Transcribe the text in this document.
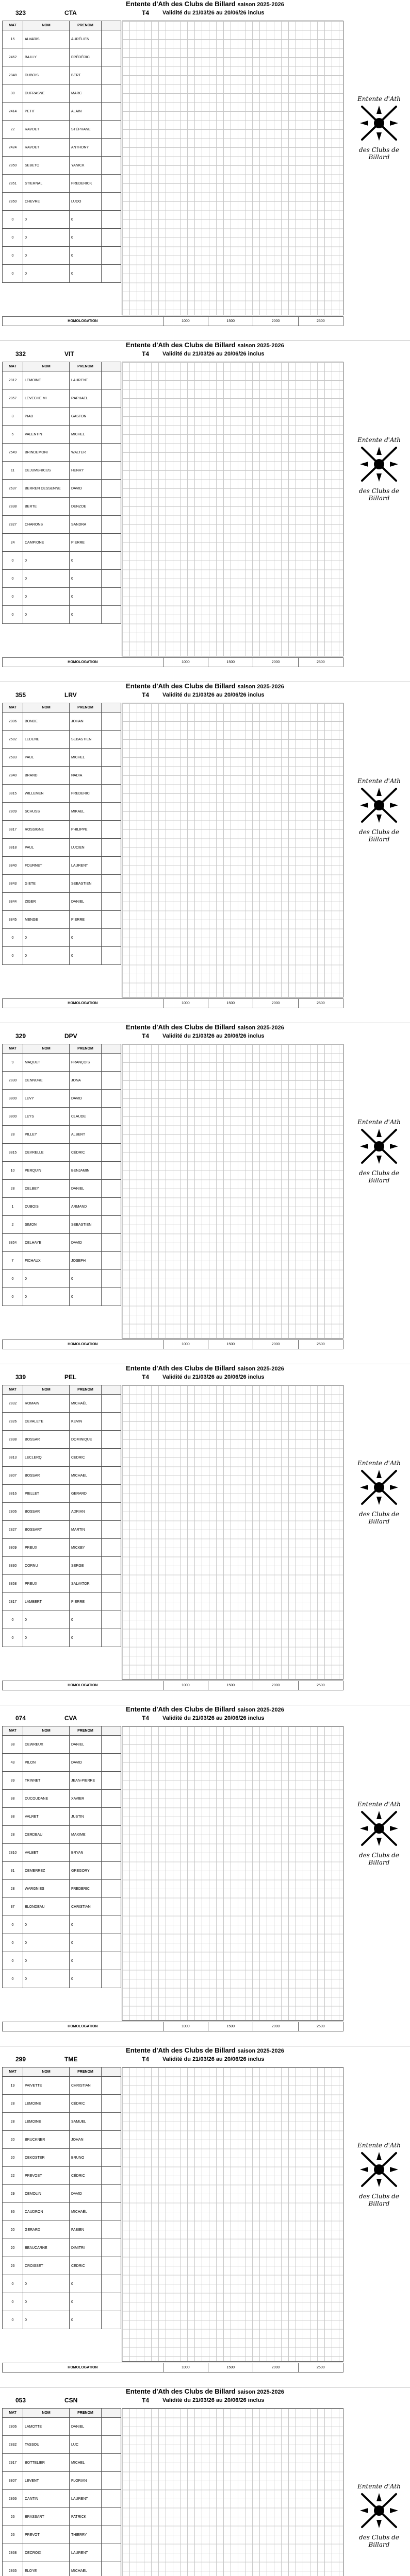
Entente d'Ath des Clubs de Billard saison 2025-2026
323	CTA	T4 Validité du 21/03/26 au 20/06/26 inclus
MAT	NOM	PRENOM	
15	ALVARIS	AURÉLIEN	
2462	BAILLY	FRÉDÉRIC	
2848	DUBOIS	BERT	
30	DUFRASNE	MARC	
2414	PETIT	ALAIN	
22	RAVOET	STÉPHANE	
2424	RAVOET	ANTHONY	
2850	SEBETO	YANICK	
2851	STIERNAL	FREDERICK	
2850	CHEVRE	LUDO	
0	0	0	
0	0	0	
0	0	0	
0	0	0	
Entente d'Ath
des Clubs de Billard
HOMOLOGATION	1000	1500	2000	2500
Entente d'Ath des Clubs de Billard saison 2025-2026
332	VIT	T4 Validité du 21/03/26 au 20/06/26 inclus
MAT	NOM	PRENOM	
2812	LEMOINE	LAURENT	
2857	LEVECHE MI	RAPHAEL	
3	PIAD	GASTON	
5	VALENTIN	MICHEL	
2549	BRINDEMONI	WALTER	
11	DEJUMBRICUS	HENRY	
2637	BERREN DESSENNE	DAVID	
2838	BERTE	DENZOE	
2827	CHARONS	SANDRA	
24	CAMPIONE	PIERRE	
0	0	0	
0	0	0	
0	0	0	
0	0	0	
Entente d'Ath
des Clubs de Billard
HOMOLOGATION	1000	1500	2000	2500
Entente d'Ath des Clubs de Billard saison 2025-2026
355	LRV	T4 Validité du 21/03/26 au 20/06/26 inclus
MAT	NOM	PRENOM	
2806	BONDE	JOHAN	
2582	LEDENE	SEBASTIEN	
2583	PAUL	MICHEL	
2840	BRAND	NADIA	
3815	WILLEMEN	FREDERIC	
2809	SCHUSS	MIKAEL	
3817	ROSSIGNE	PHILIPPE	
3818	PAUL	LUCIEN	
3840	FOURNET	LAURENT	
3843	GIETE	SEBASTIEN	
3844	ZIGER	DANIEL	
3845	MENGE	PIERRE	
0	0	0	
0	0	0	
Entente d'Ath
des Clubs de Billard
HOMOLOGATION	1000	1500	2000	2500
Entente d'Ath des Clubs de Billard saison 2025-2026
329	DPV	T4 Validité du 21/03/26 au 20/06/26 inclus
MAT	NOM	PRENOM	
9	MAQUET	FRANÇOIS	
2830	DENNURE	JONA	
3800	LEVY	DAVID	
3800	LEYS	CLAUDE	
28	PILLEY	ALBERT	
3815	DEVRELLE	CÉDRIC	
10	PERQUIN	BENJAMIN	
28	DELBEY	DANIEL	
1	DUBOIS	ARMAND	
2	SIMON	SEBASTIEN	
3854	DELHAYE	DAVID	
7	FICHAUX	JOSEPH	
0	0	0	
0	0	0	
Entente d'Ath
des Clubs de Billard
HOMOLOGATION	1000	1500	2000	2500
Entente d'Ath des Clubs de Billard saison 2025-2026
339	PEL	T4 Validité du 21/03/26 au 20/06/26 inclus
MAT	NOM	PRENOM	
2832	ROMAIN	MICHAËL	
2826	DEVALETE	KEVIN	
2838	BOSSAR	DOMINIQUE	
3813	LECLERQ	CEDRIC	
3807	BOSSAR	MICHAEL	
3816	PIELLET	GERARD	
2806	BOSSAR	ADRIAN	
2827	BOSSART	MARTIN	
3809	PREUX	MICKEY	
3830	CORNU	SERGE	
3858	PREUX	SALVATOR	
2817	LAMBERT	PIERRE	
0	0	0	
0	0	0	
Entente d'Ath
des Clubs de Billard
HOMOLOGATION	1000	1500	2000	2500
Entente d'Ath des Clubs de Billard saison 2025-2026
074	CVA	T4 Validité du 21/03/26 au 20/06/26 inclus
MAT	NOM	PRENOM	
38	DEWREUX	DANIEL	
43	PILON	DAVID	
39	TRINNET	JEAN-PIERRE	
38	DUCOUDANE	XAVIER	
38	VALRET	JUSTIN	
28	CERDEAU	MAXIME	
2810	VALBET	BRYAN	
31	DEMERREZ	GREGORY	
28	WARGNIES	FREDERIC	
37	BLONDEAU	CHRISTIAN	
0	0	0	
0	0	0	
0	0	0	
0	0	0	
Entente d'Ath
des Clubs de Billard
HOMOLOGATION	1000	1500	2000	2500
Entente d'Ath des Clubs de Billard saison 2025-2026
299	TME	T4 Validité du 21/03/26 au 20/06/26 inclus
MAT	NOM	PRENOM	
19	PAIVETTE	CHRISTIAN	
28	LEMOINE	CÉDRIC	
28	LEMOINE	SAMUEL	
20	BRUCKNER	JOHAN	
20	DEKOSTER	BRUNO	
22	PREVOST	CÉDRIC	
29	DEMOLIN	DAVID	
36	CAUDRON	MICHAËL	
20	GERARD	FABIEN	
20	BEAUCARNE	DIMITRI	
26	CROISSET	CEDRIC	
0	0	0	
0	0	0	
0	0	0	
Entente d'Ath
des Clubs de Billard
HOMOLOGATION	1000	1500	2000	2500
Entente d'Ath des Clubs de Billard saison 2025-2026
053	CSN	T4 Validité du 21/03/26 au 20/06/26 inclus
MAT	NOM	PRENOM	
2806	LAMOTTE	DANIEL	
2832	TASSOU	LUC	
2917	BOTTELIER	MICHEL	
3807	LEVENT	FLORIAN	
2866	CANTIN	LAURENT	
26	BRASSART	PATRICK	
26	PREVOT	THIERRY	
2868	DECROIX	LAURENT	
2865	ELOYE	MICHAEL	

Entente d'Ath
des Clubs de Billard
